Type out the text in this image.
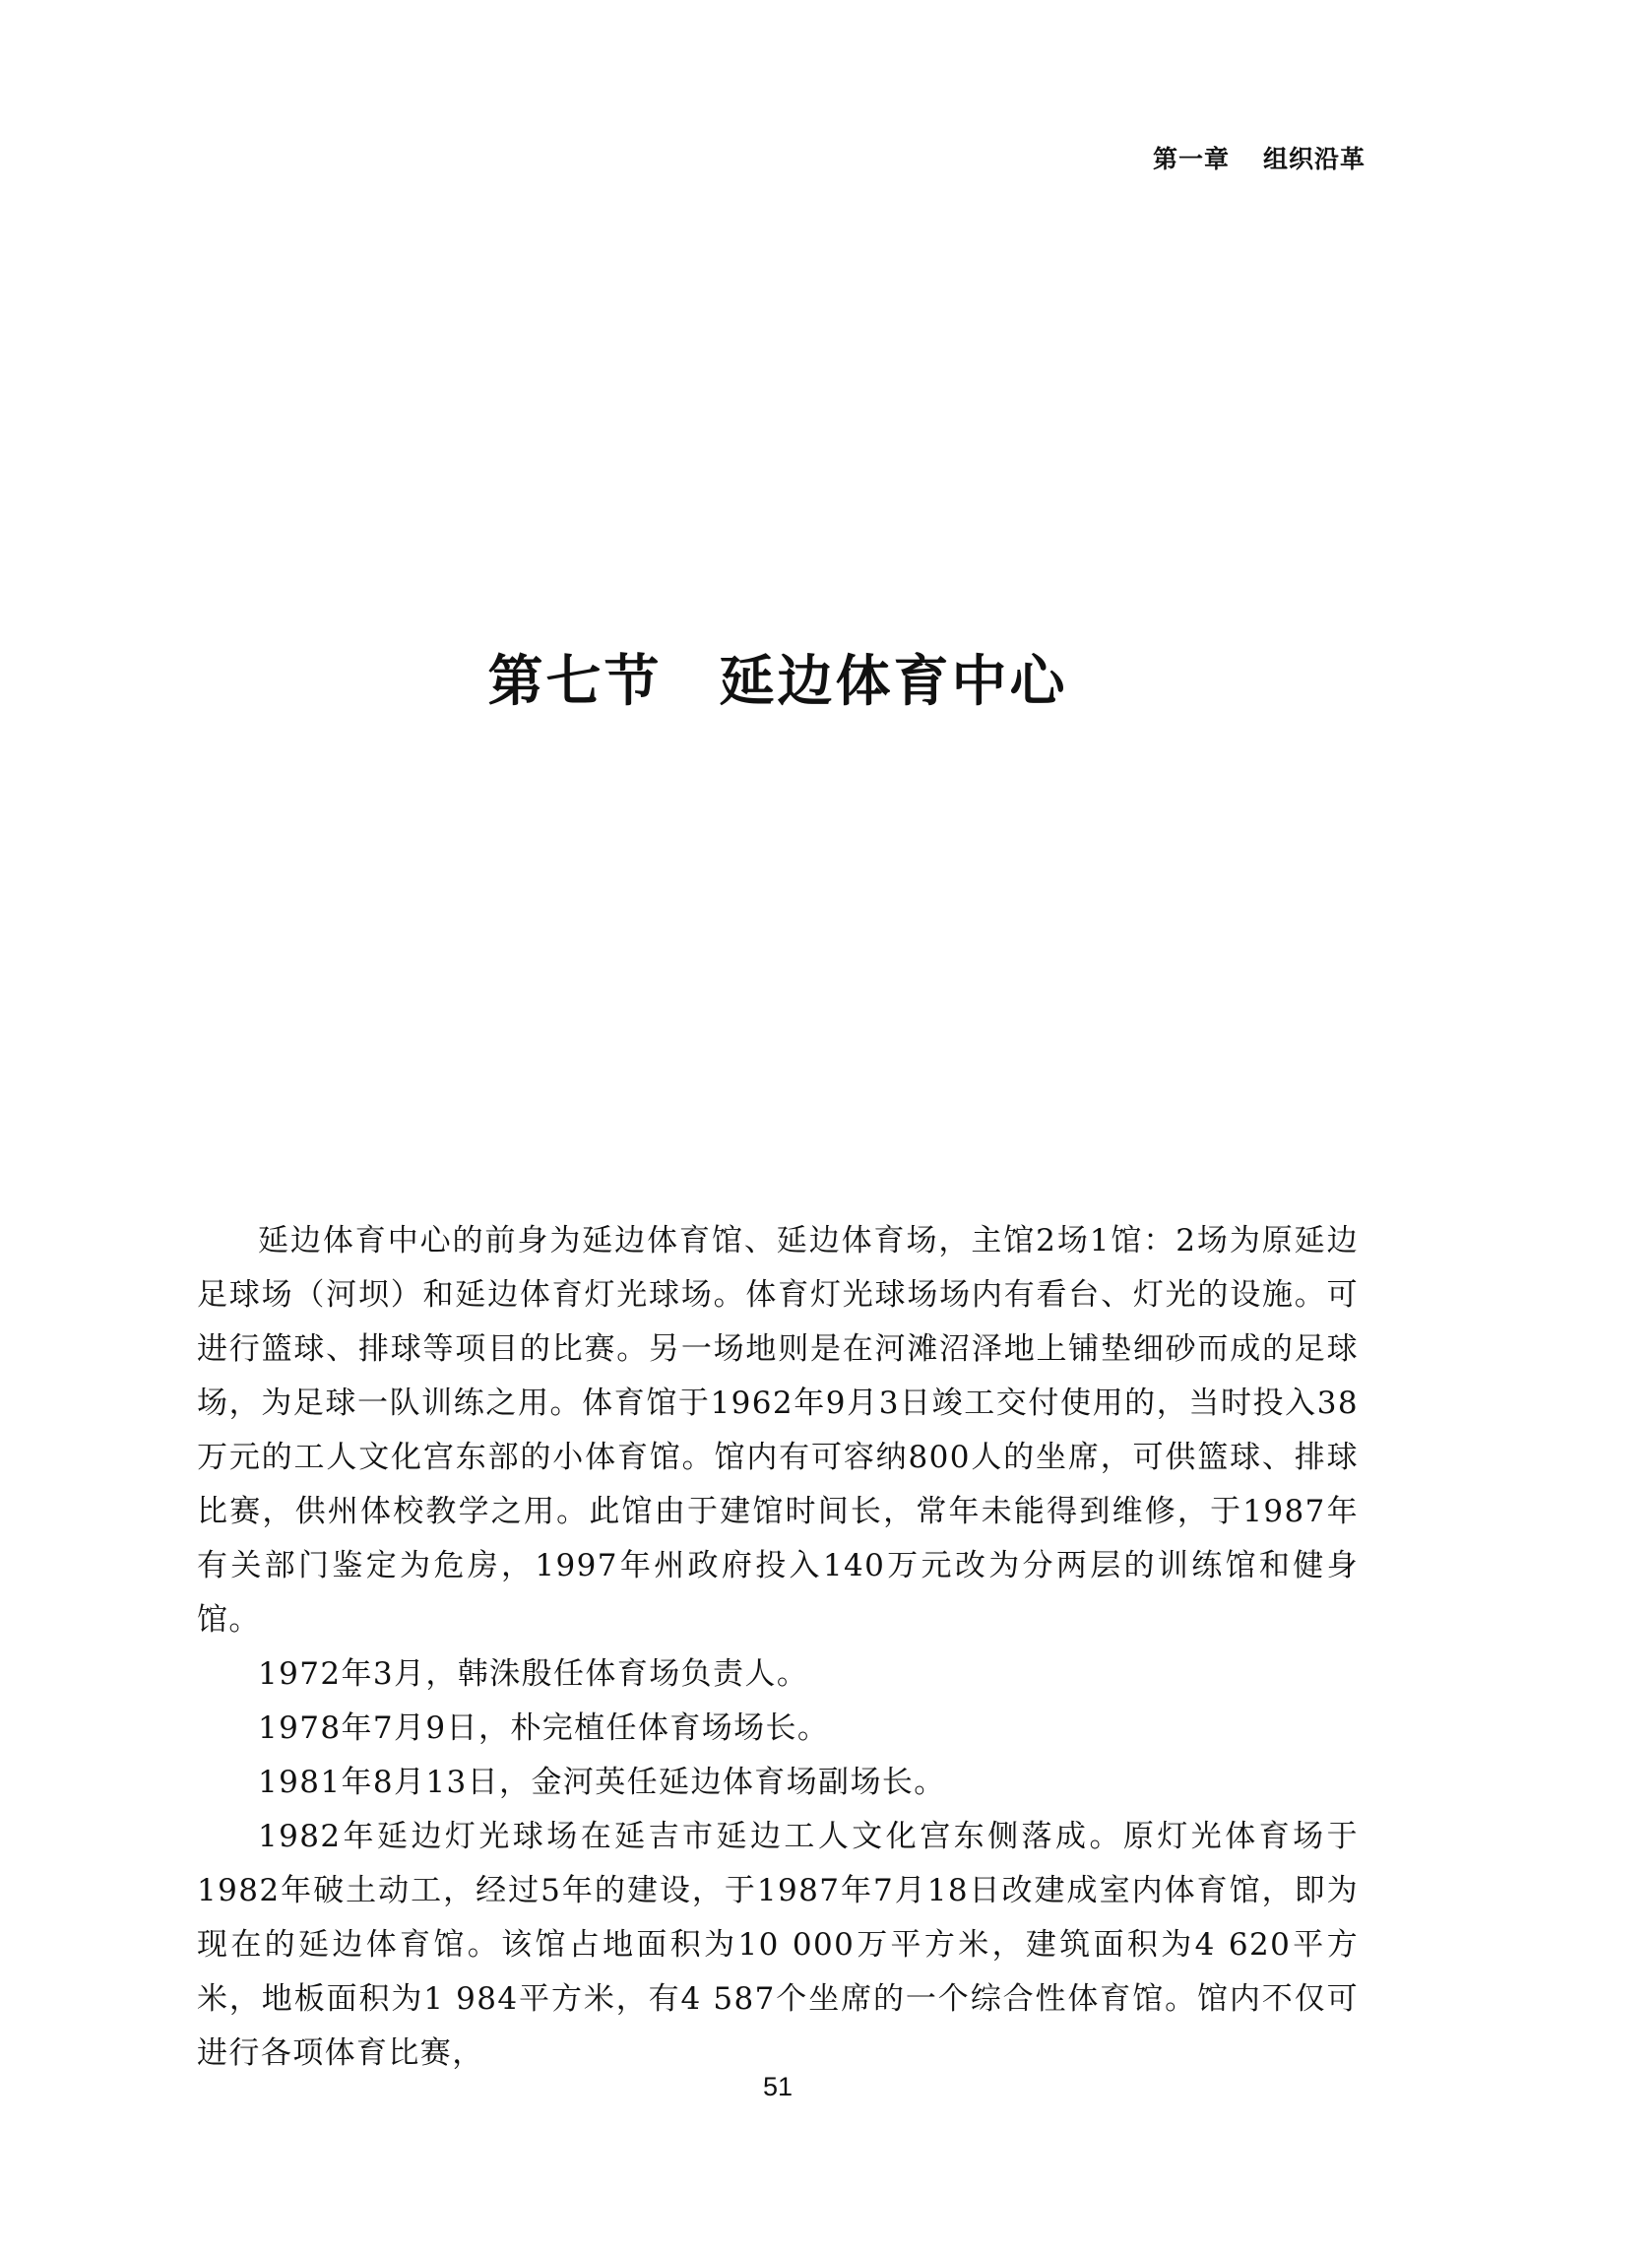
第一章 组织沿革
第七节 延边体育中心

延边体育中心的前身为延边体育馆、延边体育场，主馆2场1馆：2场为原延边足球场（河坝）和延边体育灯光球场。体育灯光球场场内有看台、灯光的设施。可进行篮球、排球等项目的比赛。另一场地则是在河滩沼泽地上铺垫细砂而成的足球场，为足球一队训练之用。体育馆于1962年9月3日竣工交付使用的，当时投入38万元的工人文化宫东部的小体育馆。馆内有可容纳800人的坐席，可供篮球、排球比赛，供州体校教学之用。此馆由于建馆时间长，常年未能得到维修，于1987年有关部门鉴定为危房，1997年州政府投入140万元改为分两层的训练馆和健身馆。

1972年3月，韩洙殷任体育场负责人。

1978年7月9日，朴完植任体育场场长。

1981年8月13日，金河英任延边体育场副场长。

1982年延边灯光球场在延吉市延边工人文化宫东侧落成。原灯光体育场于1982年破土动工，经过5年的建设，于1987年7月18日改建成室内体育馆，即为现在的延边体育馆。该馆占地面积为10 000万平方米，建筑面积为4 620平方米，地板面积为1 984平方米，有4 587个坐席的一个综合性体育馆。馆内不仅可进行各项体育比赛，

51
